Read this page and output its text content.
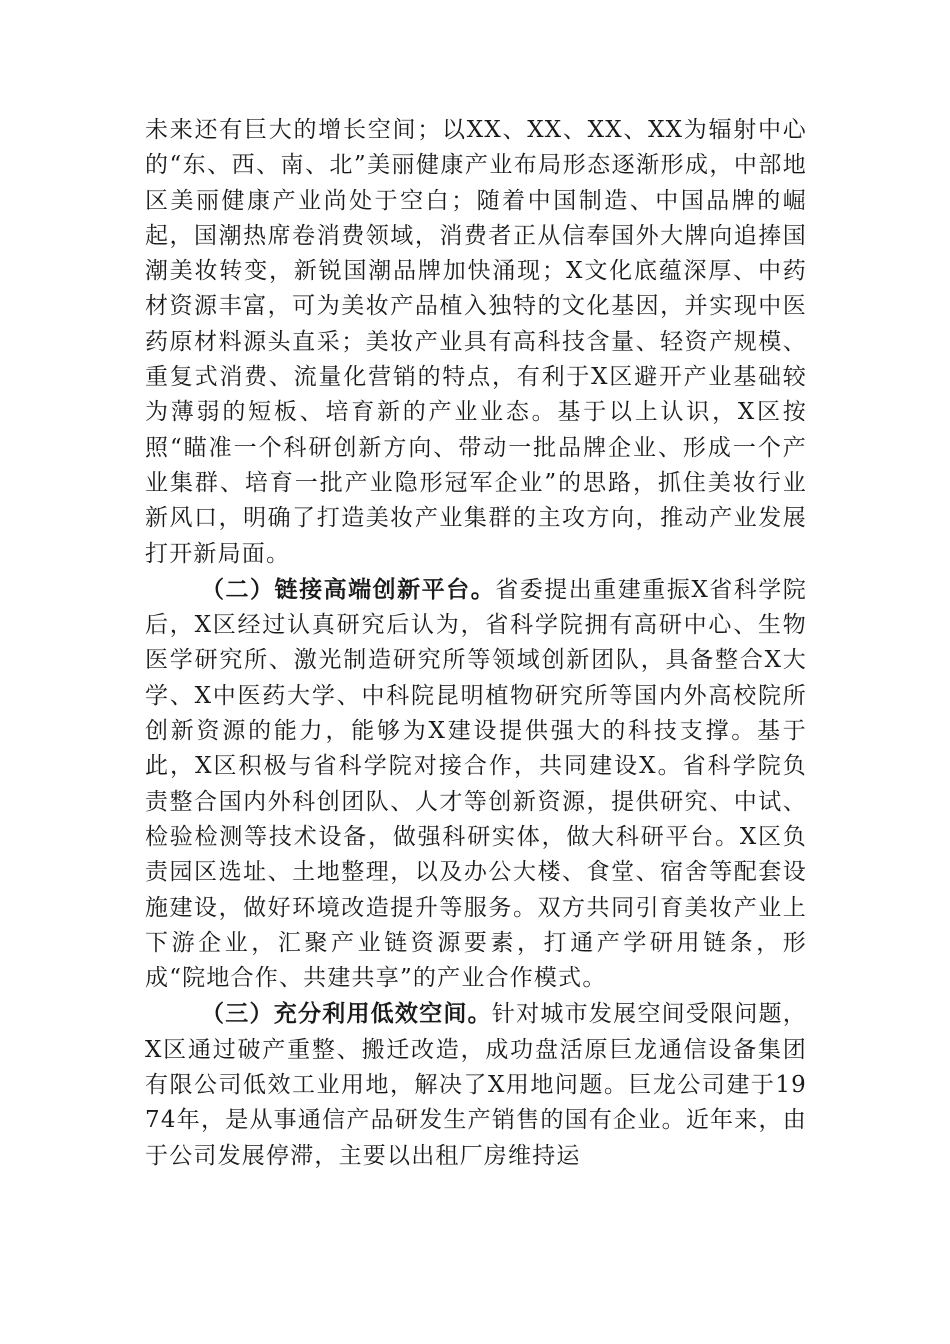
未来还有巨大的增长空间；以XX、XX、XX、XX为辐射中心的“东、西、南、北”美丽健康产业布局形态逐渐形成，中部地区美丽健康产业尚处于空白；随着中国制造、中国品牌的崛起，国潮热席卷消费领域，消费者正从信奉国外大牌向追捧国潮美妆转变，新锐国潮品牌加快涌现；X文化底蕴深厚、中药材资源丰富，可为美妆产品植入独特的文化基因，并实现中医药原材料源头直采；美妆产业具有高科技含量、轻资产规模、重复式消费、流量化营销的特点，有利于X区避开产业基础较为薄弱的短板、培育新的产业业态。基于以上认识，X区按照“瞄准一个科研创新方向、带动一批品牌企业、形成一个产业集群、培育一批产业隐形冠军企业”的思路，抓住美妆行业新风口，明确了打造美妆产业集群的主攻方向，推动产业发展打开新局面。

（二）链接高端创新平台。省委提出重建重振X省科学院后，X区经过认真研究后认为，省科学院拥有高研中心、生物医学研究所、激光制造研究所等领域创新团队，具备整合X大学、X中医药大学、中科院昆明植物研究所等国内外高校院所创新资源的能力，能够为X建设提供强大的科技支撑。基于此，X区积极与省科学院对接合作，共同建设X。省科学院负责整合国内外科创团队、人才等创新资源，提供研究、中试、检验检测等技术设备，做强科研实体，做大科研平台。X区负责园区选址、土地整理，以及办公大楼、食堂、宿舍等配套设施建设，做好环境改造提升等服务。双方共同引育美妆产业上下游企业，汇聚产业链资源要素，打通产学研用链条，形成“院地合作、共建共享”的产业合作模式。

（三）充分利用低效空间。针对城市发展空间受限问题，X区通过破产重整、搬迁改造，成功盘活原巨龙通信设备集团有限公司低效工业用地，解决了X用地问题。巨龙公司建于1974年，是从事通信产品研发生产销售的国有企业。近年来，由于公司发展停滞，主要以出租厂房维持运
